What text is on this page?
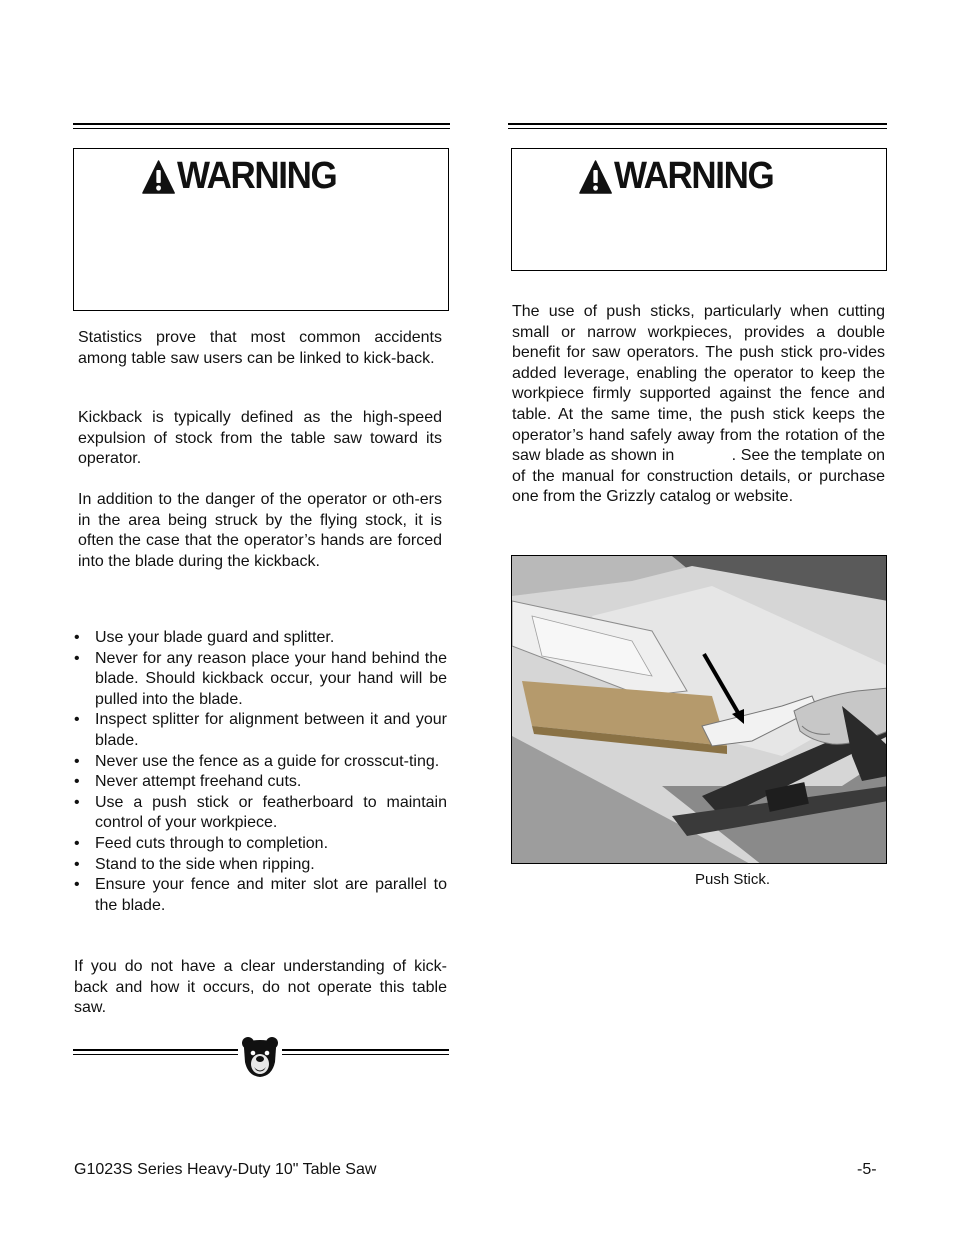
WARNING

Statistics prove that most common accidents among table saw users can be linked to kick-back.

Kickback is typically defined as the high-speed expulsion of stock from the table saw toward its operator.

In addition to the danger of the operator or oth-ers in the area being struck by the flying stock, it is often the case that the operator’s hands are forced into the blade during the kickback.

• Use your blade guard and splitter.
• Never for any reason place your hand behind the blade. Should kickback occur, your hand will be pulled into the blade.
• Inspect splitter for alignment between it and your blade.
• Never use the fence as a guide for crosscut-ting.
• Never attempt freehand cuts.
• Use a push stick or featherboard to maintain control of your workpiece.
• Feed cuts through to completion.
• Stand to the side when ripping.
• Ensure your fence and miter slot are parallel to the blade.

If you do not have a clear understanding of kick-back and how it occurs, do not operate this table saw.

WARNING

The use of push sticks, particularly when cutting small or narrow workpieces, provides a double benefit for saw operators. The push stick pro-vides added leverage, enabling the operator to keep the workpiece firmly supported against the fence and table. At the same time, the push stick keeps the operator’s hand safely away from the rotation of the saw blade as shown in            . See the template on              of the manual for construction details, or purchase one from the Grizzly catalog or website.

Push Stick.
G1023S Series Heavy-Duty 10" Table Saw	-5-
